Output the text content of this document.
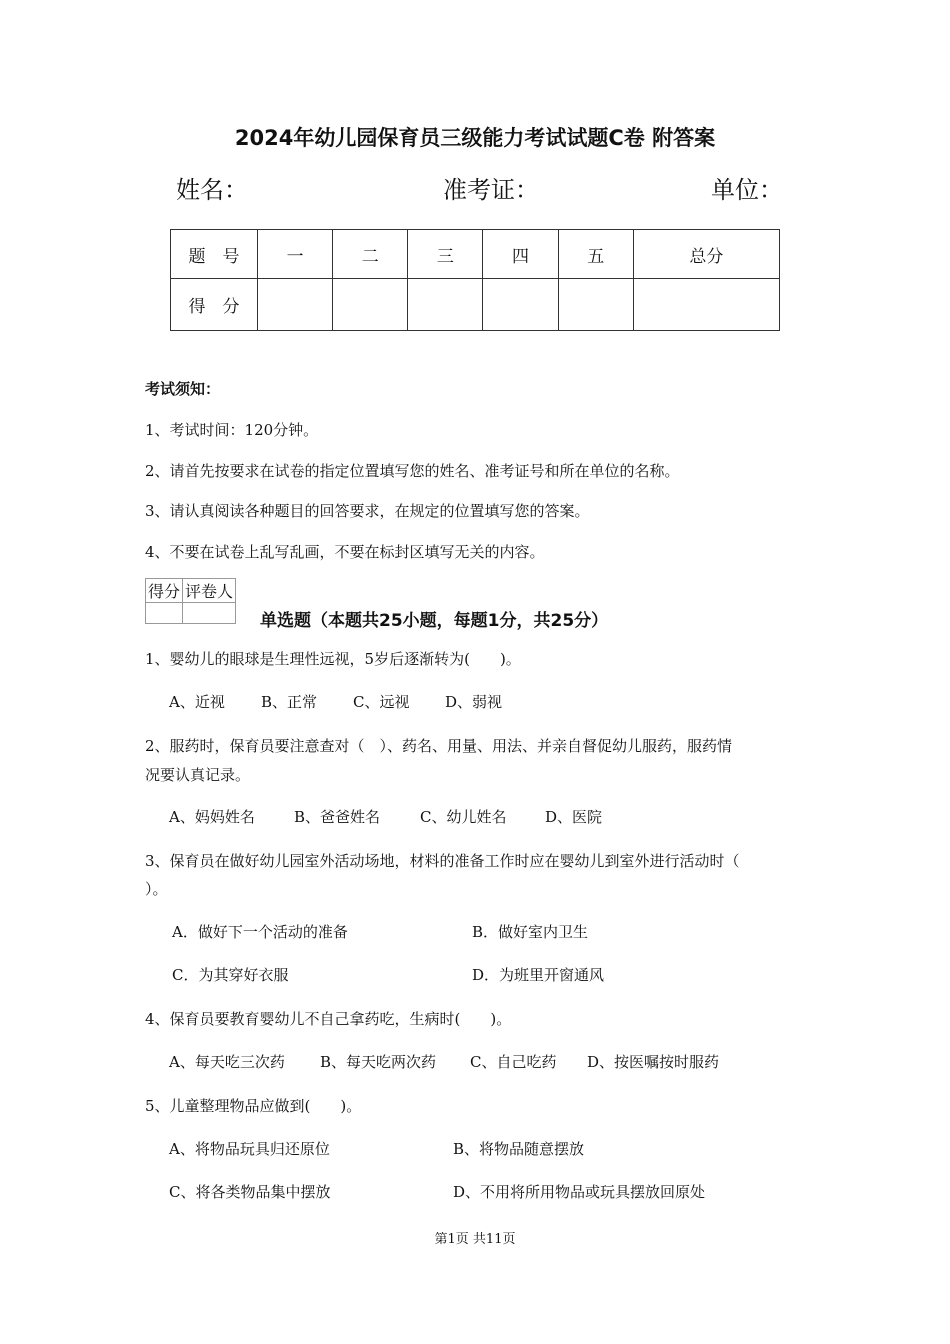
2024年幼儿园保育员三级能力考试试题C卷 附答案
姓名：	准考证：	单位：
题　号	一	二	三	四	五	总分
得　分						
考试须知：
1、考试时间：120分钟。
2、请首先按要求在试卷的指定位置填写您的姓名、准考证号和所在单位的名称。
3、请认真阅读各种题目的回答要求，在规定的位置填写您的答案。
4、不要在试卷上乱写乱画，不要在标封区填写无关的内容。
得分	评卷人

单选题（本题共25小题，每题1分，共25分）
1、婴幼儿的眼球是生理性远视，5岁后逐渐转为(　　)。
A、近视 B、正常 C、远视 D、弱视
2、服药时，保育员要注意查对（　）、药名、用量、用法、并亲自督促幼儿服药，服药情
况要认真记录。
A、妈妈姓名	B、爸爸姓名	C、幼儿姓名	D、医院
3、保育员在做好幼儿园室外活动场地，材料的准备工作时应在婴幼儿到室外进行活动时（
）。
A．做好下一个活动的准备	B．做好室内卫生
C．为其穿好衣服	D．为班里开窗通风
4、保育员要教育婴幼儿不自己拿药吃，生病时(　　)。
A、每天吃三次药 B、每天吃两次药 C、自己吃药 D、按医嘱按时服药
5、儿童整理物品应做到(　　)。
A、将物品玩具归还原位	B、将物品随意摆放
C、将各类物品集中摆放	D、不用将所用物品或玩具摆放回原处
第1页 共11页
